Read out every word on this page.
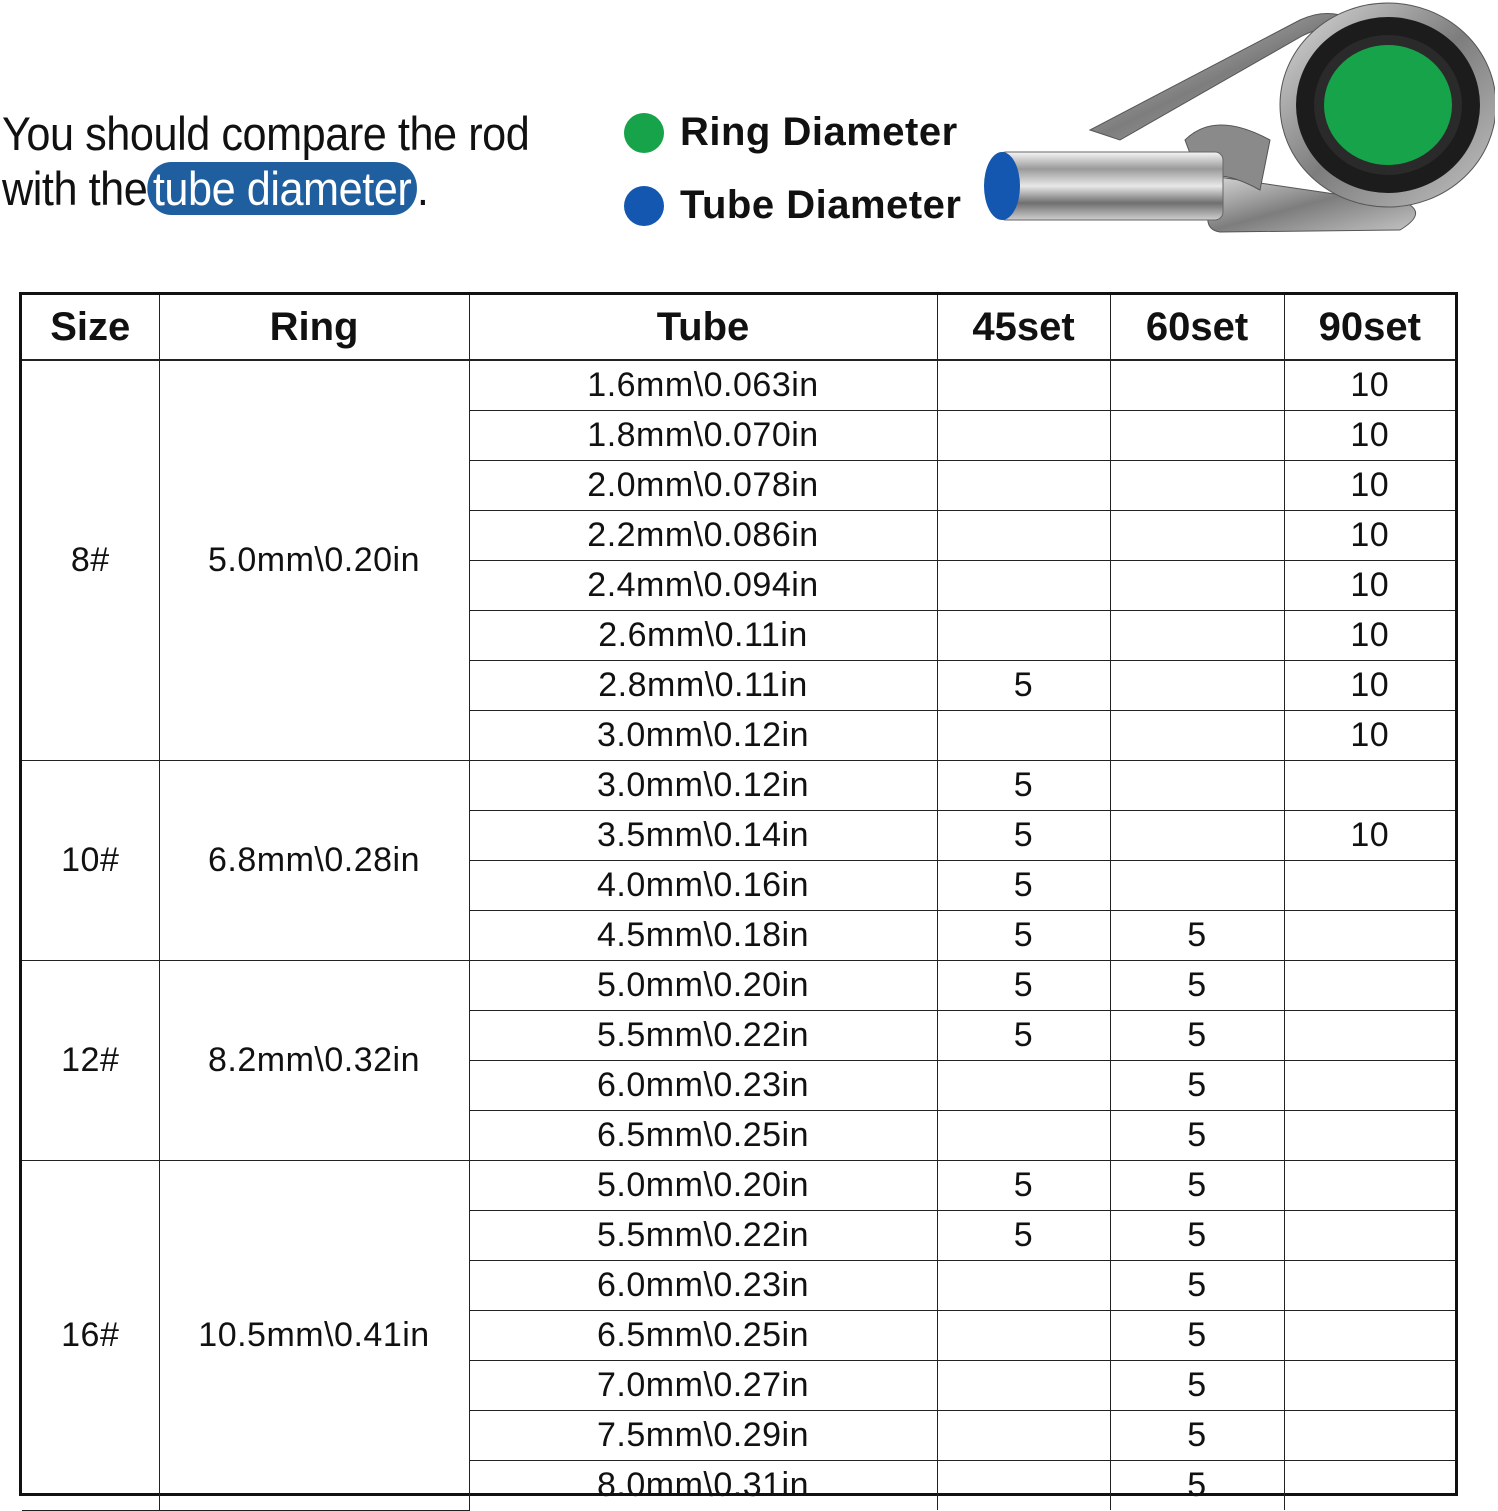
You should compare the rod
with the tube diameter .
Ring Diameter
Tube Diameter
Size	Ring	Tube	45set	60set	90set
8#	5.0mm\0.20in	1.6mm\0.063in			10
		1.8mm\0.070in			10
		2.0mm\0.078in			10
		2.2mm\0.086in			10
		2.4mm\0.094in			10
		2.6mm\0.11in			10
		2.8mm\0.11in	5		10
		3.0mm\0.12in			10
10#	6.8mm\0.28in	3.0mm\0.12in	5		
		3.5mm\0.14in	5		10
		4.0mm\0.16in	5		
		4.5mm\0.18in	5	5	
12#	8.2mm\0.32in	5.0mm\0.20in	5	5	
		5.5mm\0.22in	5	5	
		6.0mm\0.23in		5	
		6.5mm\0.25in		5	
16#	10.5mm\0.41in	5.0mm\0.20in	5	5	
		5.5mm\0.22in	5	5	
		6.0mm\0.23in		5	
		6.5mm\0.25in		5	
		7.0mm\0.27in		5	
		7.5mm\0.29in		5	
		8.0mm\0.31in		5	
